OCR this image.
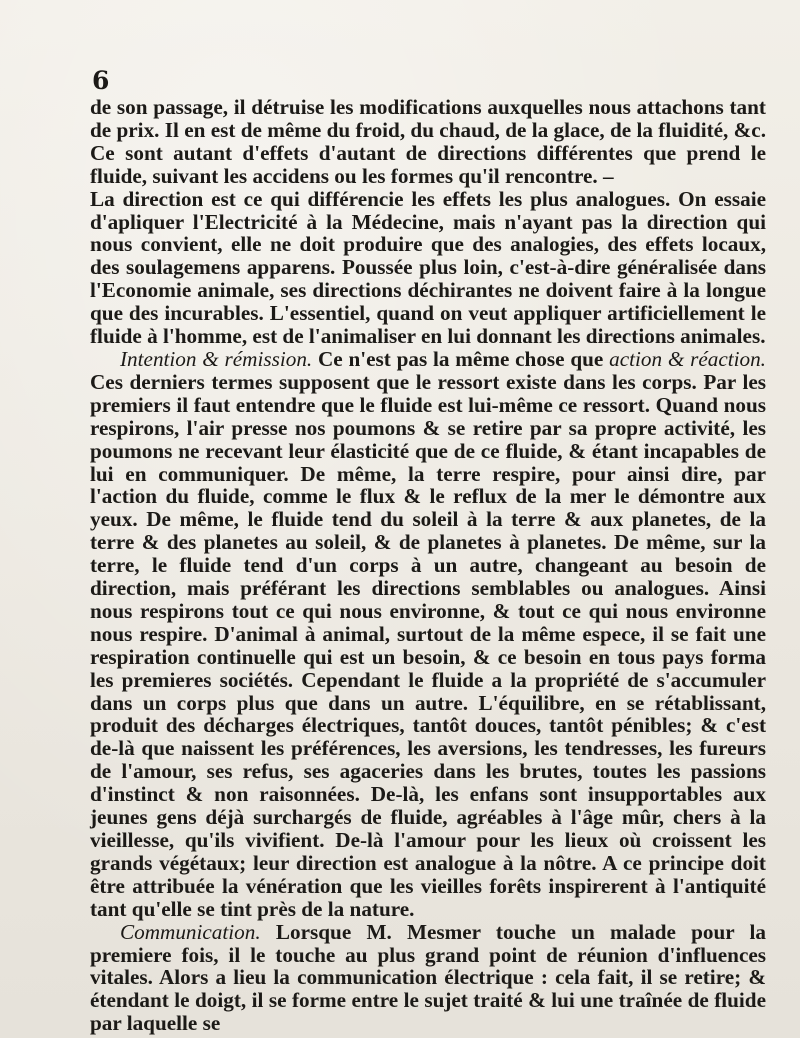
6

de son passage, il détruise les modifications auxquelles nous attachons tant de prix. Il en est de même du froid, du chaud, de la glace, de la fluidité, &c. Ce sont autant d'effets d'autant de directions différentes que prend le fluide, suivant les accidens ou les formes qu'il rencontre. –

La direction est ce qui différencie les effets les plus analogues. On essaie d'apliquer l'Electricité à la Médecine, mais n'ayant pas la direction qui nous convient, elle ne doit produire que des analogies, des effets locaux, des soulagemens apparens. Poussée plus loin, c'est-à-dire généralisée dans l'Economie animale, ses directions déchirantes ne doivent faire à la longue que des incurables. L'essentiel, quand on veut appliquer artificiellement le fluide à l'homme, est de l'animaliser en lui donnant les directions animales.

Intention & rémission. Ce n'est pas la même chose que action & réaction. Ces derniers termes supposent que le ressort existe dans les corps. Par les premiers il faut entendre que le fluide est lui-même ce ressort. Quand nous respirons, l'air presse nos poumons & se retire par sa propre activité, les poumons ne recevant leur élasticité que de ce fluide, & étant incapables de lui en communiquer. De même, la terre respire, pour ainsi dire, par l'action du fluide, comme le flux & le reflux de la mer le démontre aux yeux. De même, le fluide tend du soleil à la terre & aux planetes, de la terre & des planetes au soleil, & de planetes à planetes. De même, sur la terre, le fluide tend d'un corps à un autre, changeant au besoin de direction, mais préférant les directions semblables ou analogues. Ainsi nous respirons tout ce qui nous environne, & tout ce qui nous environne nous respire. D'animal à animal, surtout de la même espece, il se fait une respiration continuelle qui est un besoin, & ce besoin en tous pays forma les premieres sociétés. Cependant le fluide a la propriété de s'accumuler dans un corps plus que dans un autre. L'équilibre, en se rétablissant, produit des décharges électriques, tantôt douces, tantôt pénibles; & c'est de-là que naissent les préférences, les aversions, les tendresses, les fureurs de l'amour, ses refus, ses agaceries dans les brutes, toutes les passions d'instinct & non raisonnées. De-là, les enfans sont insupportables aux jeunes gens déjà surchargés de fluide, agréables à l'âge mûr, chers à la vieillesse, qu'ils vivifient. De-là l'amour pour les lieux où croissent les grands végétaux; leur direction est analogue à la nôtre. A ce principe doit être attribuée la vénération que les vieilles forêts inspirerent à l'antiquité tant qu'elle se tint près de la nature.

Communication. Lorsque M. Mesmer touche un malade pour la premiere fois, il le touche au plus grand point de réunion d'influences vitales. Alors a lieu la communication électrique : cela fait, il se retire; & étendant le doigt, il se forme entre le sujet traité & lui une traînée de fluide par laquelle se
